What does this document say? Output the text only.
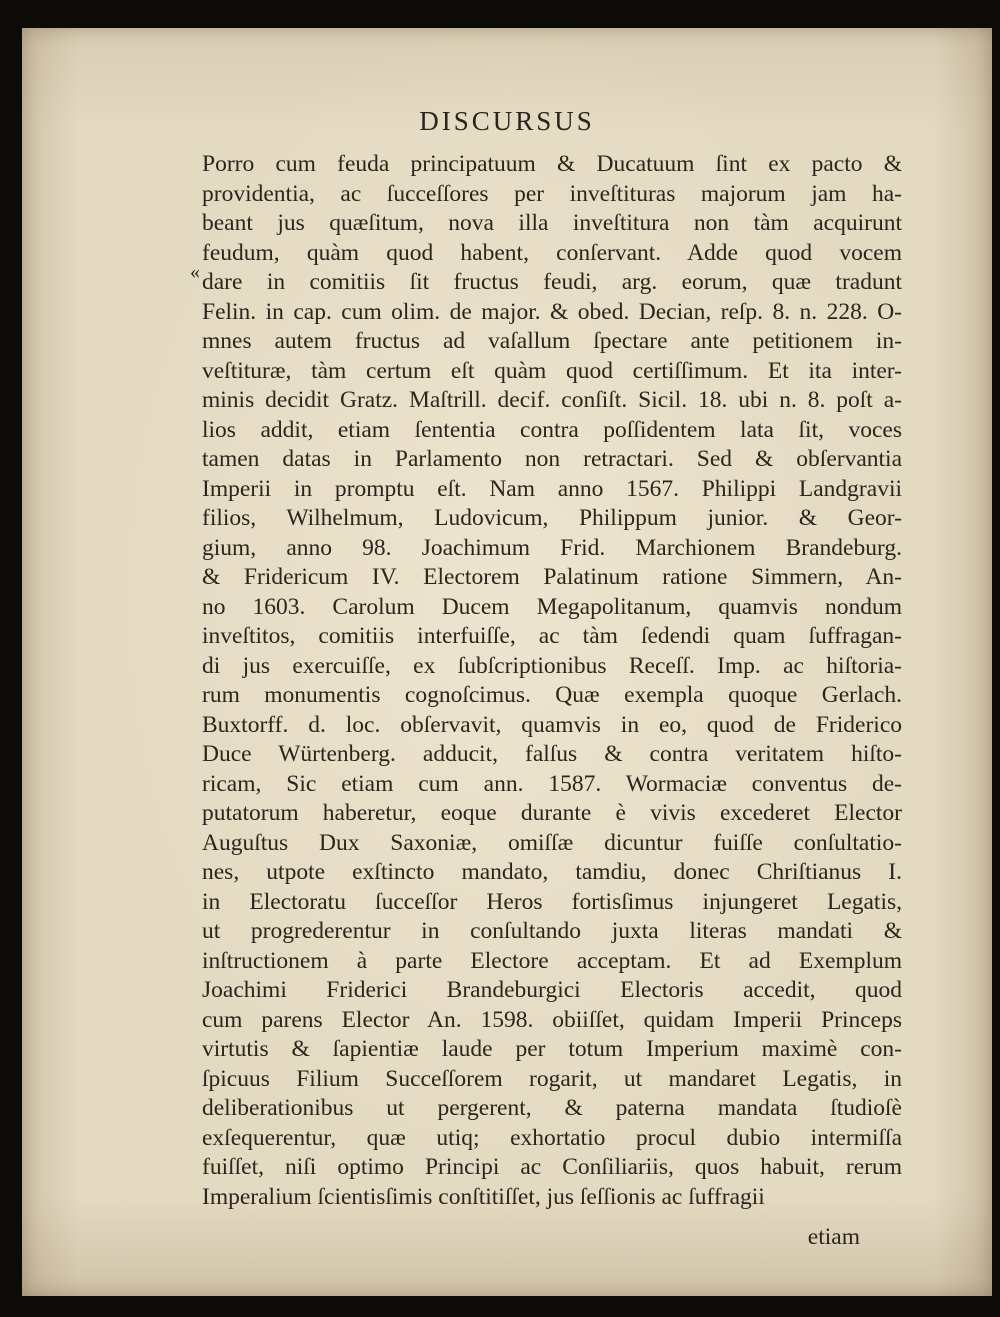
DISCURSUS
«
Porro cum feuda principatuum & Ducatuum ſint ex pacto &
providentia, ac ſucceſſores per inveſtituras majorum jam ha-
beant jus quæſitum, nova illa inveſtitura non tàm acquirunt
feudum, quàm quod habent, conſervant. Adde quod vocem
dare in comitiis ſit fructus feudi, arg. eorum, quæ tradunt
Felin. in cap. cum olim. de major. & obed. Decian, reſp. 8. n. 228. O-
mnes autem fructus ad vaſallum ſpectare ante petitionem in-
veſtituræ, tàm certum eſt quàm quod certiſſimum. Et ita inter-
minis decidit Gratz. Maſtrill. decif. conſiſt. Sicil. 18. ubi n. 8. poſt a-
lios addit, etiam ſententia contra poſſidentem lata ſit, voces
tamen datas in Parlamento non retractari. Sed & obſervantia
Imperii in promptu eſt. Nam anno 1567. Philippi Landgravii
filios, Wilhelmum, Ludovicum, Philippum junior. & Geor-
gium, anno 98. Joachimum Frid. Marchionem Brandeburg.
& Fridericum IV. Electorem Palatinum ratione Simmern, An-
no 1603. Carolum Ducem Megapolitanum, quamvis nondum
inveſtitos, comitiis interfuiſſe, ac tàm ſedendi quam ſuffragan-
di jus exercuiſſe, ex ſubſcriptionibus Receſſ. Imp. ac hiſtoria-
rum monumentis cognoſcimus. Quæ exempla quoque Gerlach.
Buxtorff. d. loc. obſervavit, quamvis in eo, quod de Friderico
Duce Würtenberg. adducit, falſus & contra veritatem hiſto-
ricam, Sic etiam cum ann. 1587. Wormaciæ conventus de-
putatorum haberetur, eoque durante è vivis excederet Elector
Auguſtus Dux Saxoniæ, omiſſæ dicuntur fuiſſe conſultatio-
nes, utpote exſtincto mandato, tamdiu, donec Chriſtianus I.
in Electoratu ſucceſſor Heros fortisſimus injungeret Legatis,
ut progrederentur in conſultando juxta literas mandati &
inſtructionem à parte Electore acceptam. Et ad Exemplum
Joachimi Friderici Brandeburgici Electoris accedit, quod
cum parens Elector An. 1598. obiiſſet, quidam Imperii Princeps
virtutis & ſapientiæ laude per totum Imperium maximè con-
ſpicuus Filium Succeſſorem rogarit, ut mandaret Legatis, in
deliberationibus ut pergerent, & paterna mandata ſtudioſè
exſequerentur, quæ utiq; exhortatio procul dubio intermiſſa
fuiſſet, niſi optimo Principi ac Conſiliariis, quos habuit, rerum
Imperalium ſcientisſimis conſtitiſſet, jus ſeſſionis ac ſuffragii
etiam
